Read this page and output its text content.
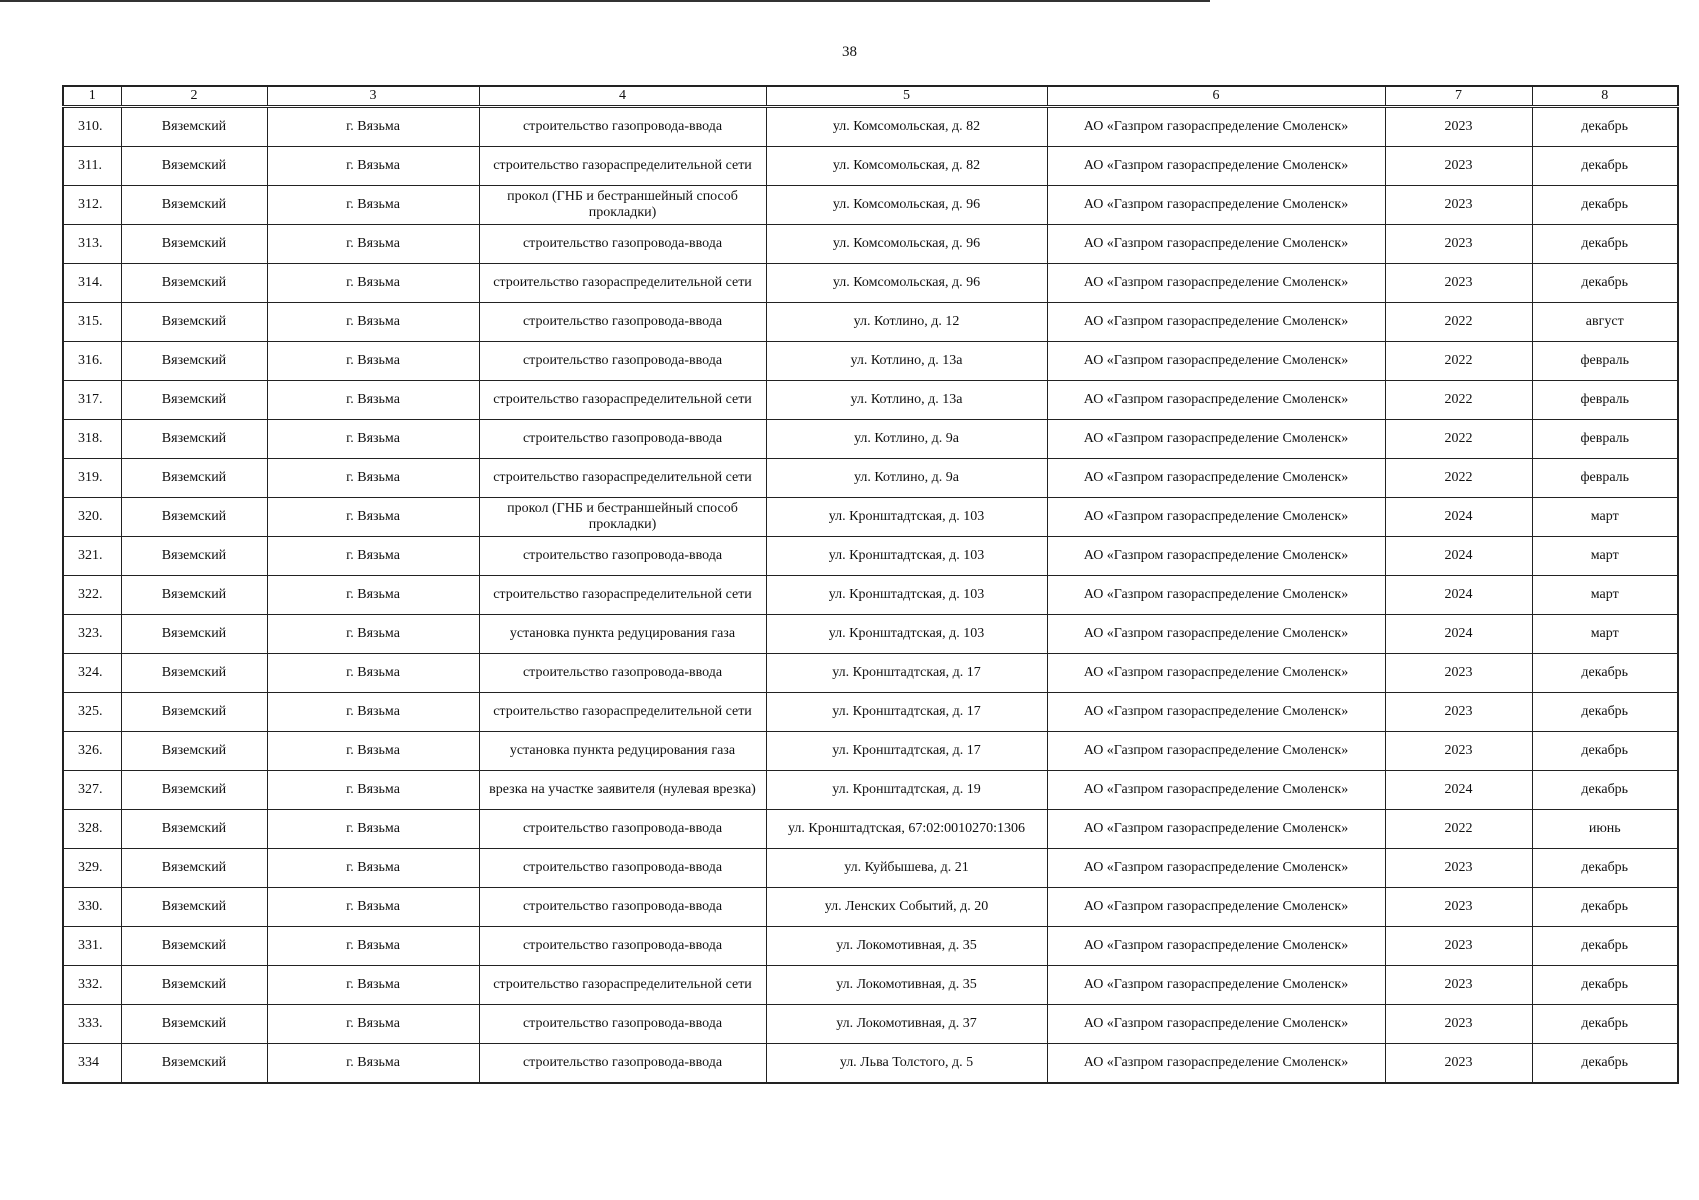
38
1	2	3	4	5	6	7	8
310.	Вяземский	г. Вязьма	строительство газопровода-ввода	ул. Комсомольская, д. 82	АО «Газпром газораспределение Смоленск»	2023	декабрь
311.	Вяземский	г. Вязьма	строительство газораспределительной сети	ул. Комсомольская, д. 82	АО «Газпром газораспределение Смоленск»	2023	декабрь
312.	Вяземский	г. Вязьма	прокол (ГНБ и бестраншейный способ прокладки)	ул. Комсомольская, д. 96	АО «Газпром газораспределение Смоленск»	2023	декабрь
313.	Вяземский	г. Вязьма	строительство газопровода-ввода	ул. Комсомольская, д. 96	АО «Газпром газораспределение Смоленск»	2023	декабрь
314.	Вяземский	г. Вязьма	строительство газораспределительной сети	ул. Комсомольская, д. 96	АО «Газпром газораспределение Смоленск»	2023	декабрь
315.	Вяземский	г. Вязьма	строительство газопровода-ввода	ул. Котлино, д. 12	АО «Газпром газораспределение Смоленск»	2022	август
316.	Вяземский	г. Вязьма	строительство газопровода-ввода	ул. Котлино, д. 13а	АО «Газпром газораспределение Смоленск»	2022	февраль
317.	Вяземский	г. Вязьма	строительство газораспределительной сети	ул. Котлино, д. 13а	АО «Газпром газораспределение Смоленск»	2022	февраль
318.	Вяземский	г. Вязьма	строительство газопровода-ввода	ул. Котлино, д. 9а	АО «Газпром газораспределение Смоленск»	2022	февраль
319.	Вяземский	г. Вязьма	строительство газораспределительной сети	ул. Котлино, д. 9а	АО «Газпром газораспределение Смоленск»	2022	февраль
320.	Вяземский	г. Вязьма	прокол (ГНБ и бестраншейный способ прокладки)	ул. Кронштадтская, д. 103	АО «Газпром газораспределение Смоленск»	2024	март
321.	Вяземский	г. Вязьма	строительство газопровода-ввода	ул. Кронштадтская, д. 103	АО «Газпром газораспределение Смоленск»	2024	март
322.	Вяземский	г. Вязьма	строительство газораспределительной сети	ул. Кронштадтская, д. 103	АО «Газпром газораспределение Смоленск»	2024	март
323.	Вяземский	г. Вязьма	установка пункта редуцирования газа	ул. Кронштадтская, д. 103	АО «Газпром газораспределение Смоленск»	2024	март
324.	Вяземский	г. Вязьма	строительство газопровода-ввода	ул. Кронштадтская, д. 17	АО «Газпром газораспределение Смоленск»	2023	декабрь
325.	Вяземский	г. Вязьма	строительство газораспределительной сети	ул. Кронштадтская, д. 17	АО «Газпром газораспределение Смоленск»	2023	декабрь
326.	Вяземский	г. Вязьма	установка пункта редуцирования газа	ул. Кронштадтская, д. 17	АО «Газпром газораспределение Смоленск»	2023	декабрь
327.	Вяземский	г. Вязьма	врезка на участке заявителя (нулевая врезка)	ул. Кронштадтская, д. 19	АО «Газпром газораспределение Смоленск»	2024	декабрь
328.	Вяземский	г. Вязьма	строительство газопровода-ввода	ул. Кронштадтская, 67:02:0010270:1306	АО «Газпром газораспределение Смоленск»	2022	июнь
329.	Вяземский	г. Вязьма	строительство газопровода-ввода	ул. Куйбышева, д. 21	АО «Газпром газораспределение Смоленск»	2023	декабрь
330.	Вяземский	г. Вязьма	строительство газопровода-ввода	ул. Ленских Событий, д. 20	АО «Газпром газораспределение Смоленск»	2023	декабрь
331.	Вяземский	г. Вязьма	строительство газопровода-ввода	ул. Локомотивная, д. 35	АО «Газпром газораспределение Смоленск»	2023	декабрь
332.	Вяземский	г. Вязьма	строительство газораспределительной сети	ул. Локомотивная, д. 35	АО «Газпром газораспределение Смоленск»	2023	декабрь
333.	Вяземский	г. Вязьма	строительство газопровода-ввода	ул. Локомотивная, д. 37	АО «Газпром газораспределение Смоленск»	2023	декабрь
334	Вяземский	г. Вязьма	строительство газопровода-ввода	ул. Льва Толстого, д. 5	АО «Газпром газораспределение Смоленск»	2023	декабрь
